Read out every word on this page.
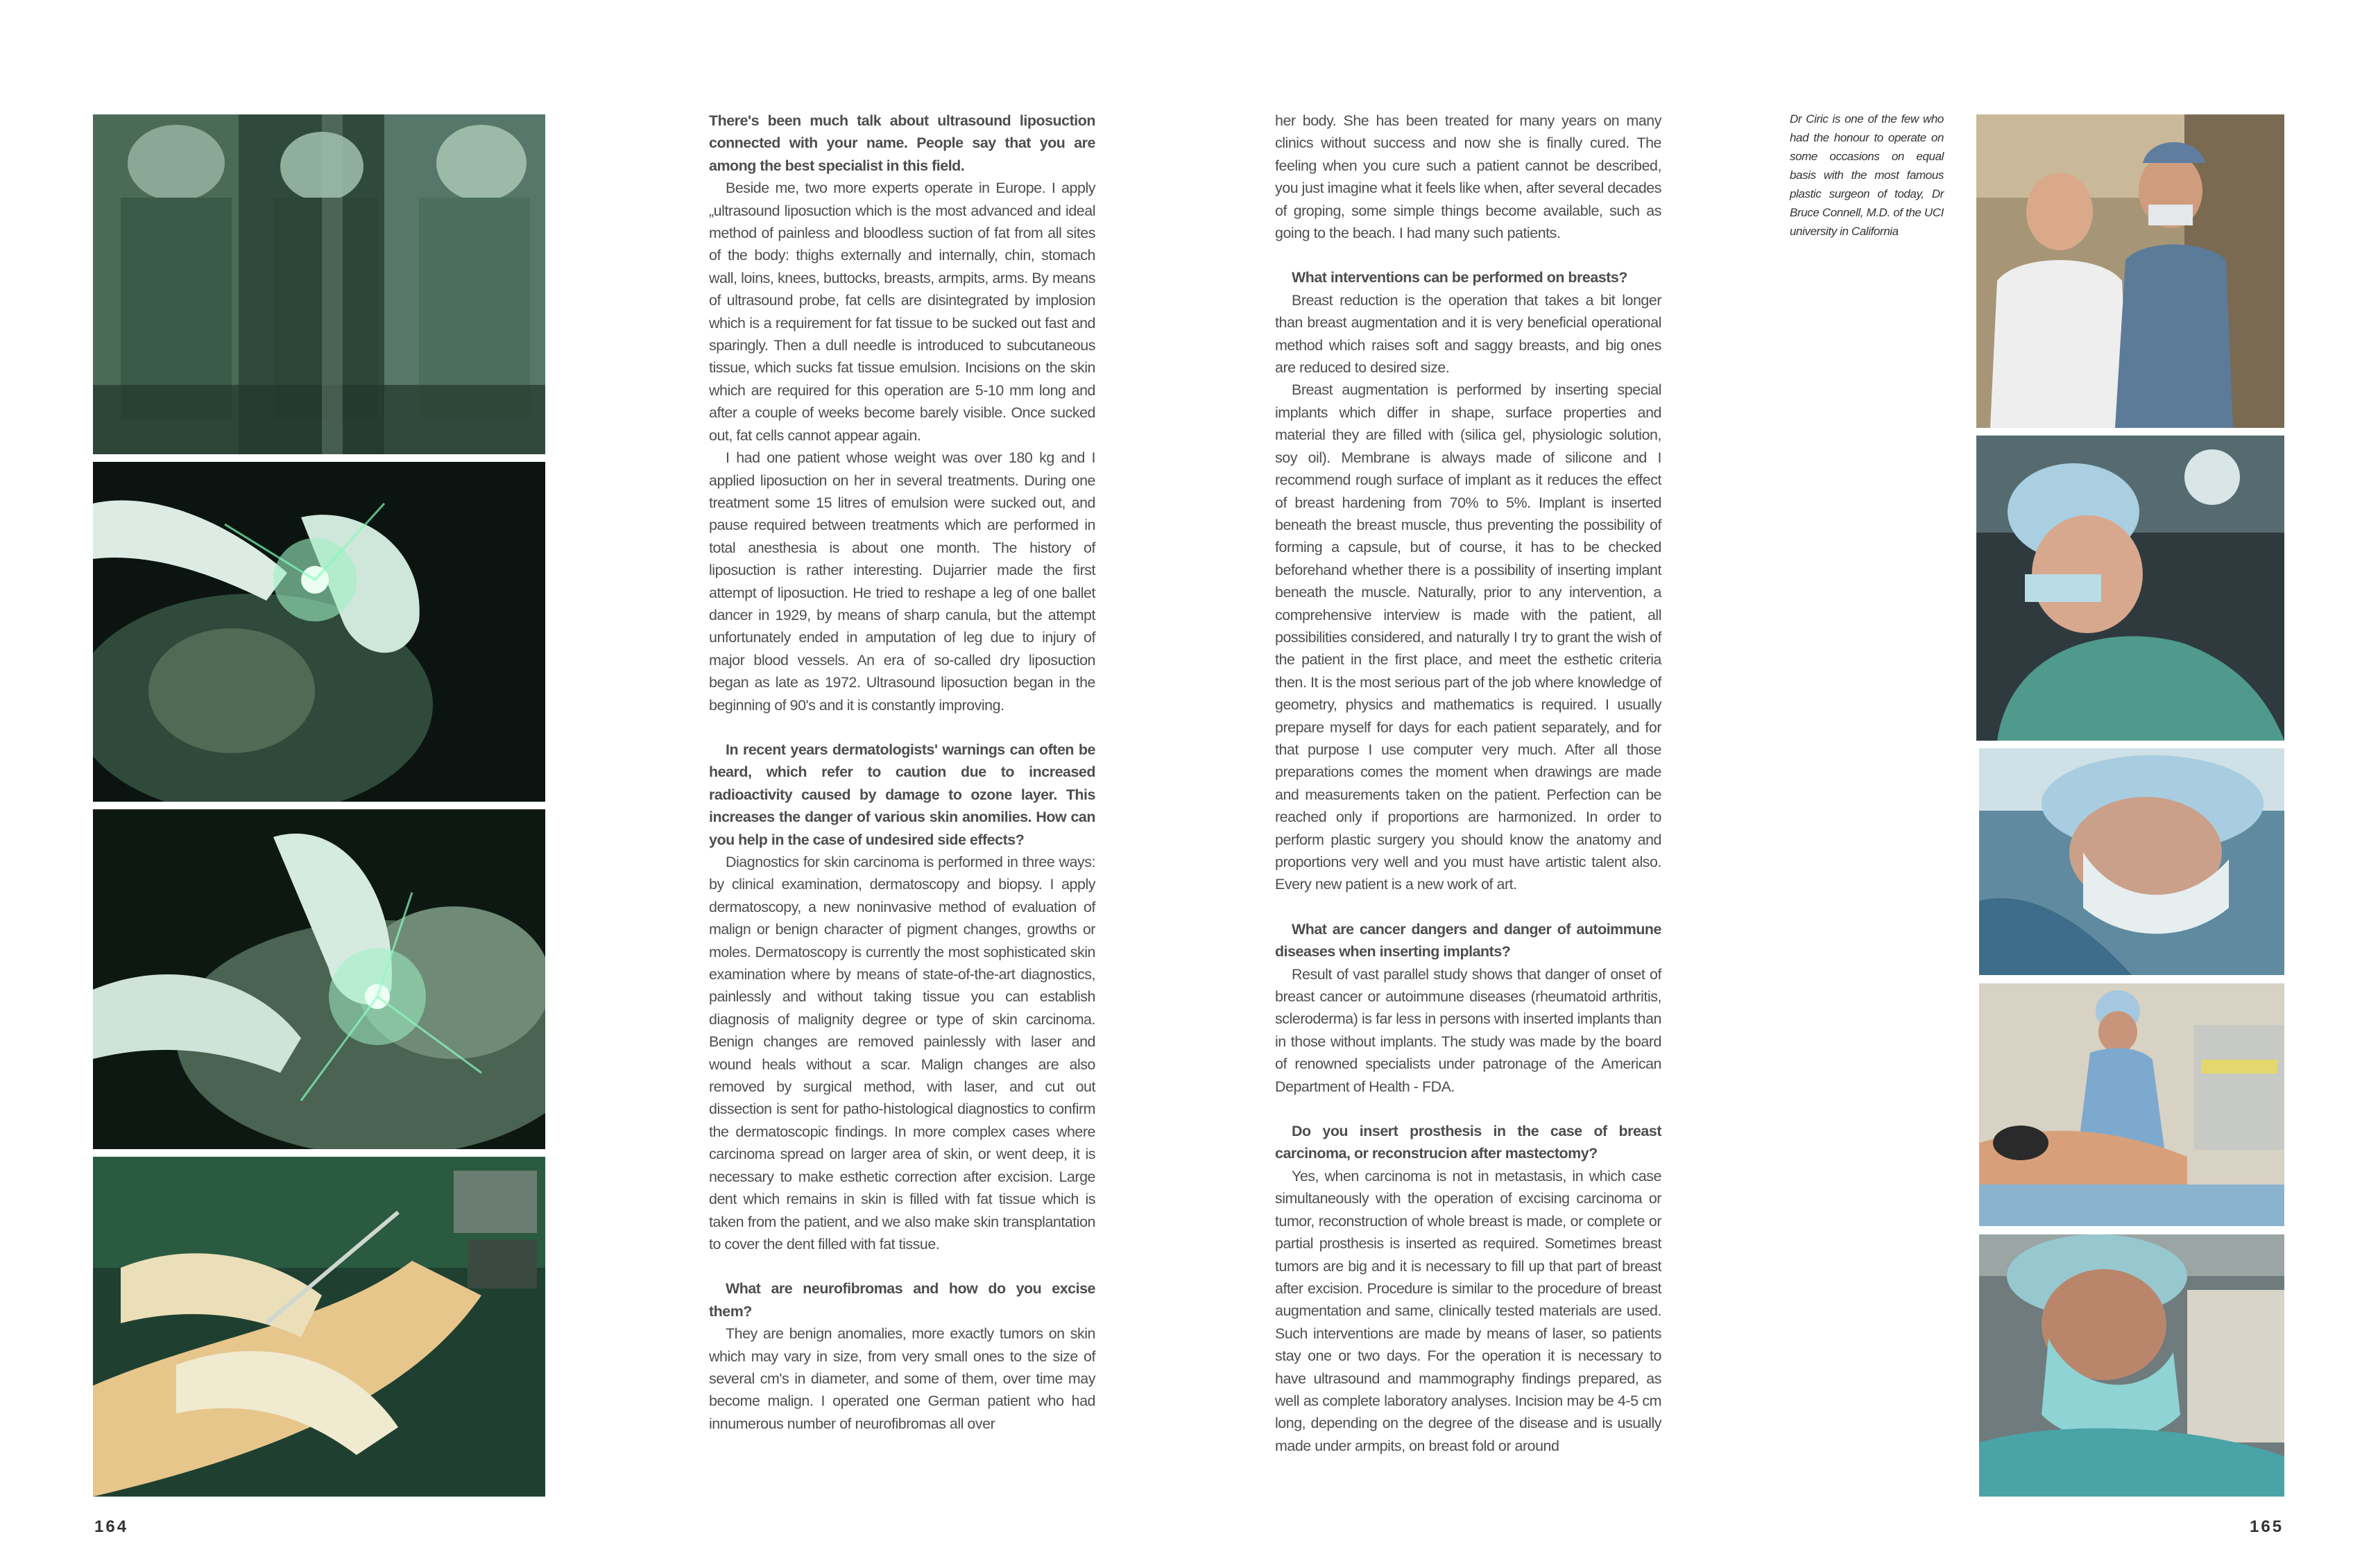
There's been much talk about ultrasound liposuction connected with your name. People say that you are among the best specialist in this field.

Beside me, two more experts operate in Europe. I apply „ultrasound liposuction which is the most advanced and ideal method of painless and bloodless suction of fat from all sites of the body: thighs externally and internally, chin, stomach wall, loins, knees, buttocks, breasts, armpits, arms. By means of ultrasound probe, fat cells are disintegrated by implosion which is a requirement for fat tissue to be sucked out fast and sparingly. Then a dull needle is introduced to subcutaneous tissue, which sucks fat tissue emulsion. Incisions on the skin which are required for this operation are 5-10 mm long and after a couple of weeks become barely visible. Once sucked out, fat cells cannot appear again.

I had one patient whose weight was over 180 kg and I applied liposuction on her in several treatments. During one treatment some 15 litres of emulsion were sucked out, and pause required between treatments which are performed in total anesthesia is about one month. The history of liposuction is rather interesting. Dujarrier made the first attempt of liposuction. He tried to reshape a leg of one ballet dancer in 1929, by means of sharp canula, but the attempt unfortunately ended in amputation of leg due to injury of major blood vessels. An era of so-called dry liposuction began as late as 1972. Ultrasound liposuction began in the beginning of 90's and it is constantly improving.

In recent years dermatologists' warnings can often be heard, which refer to caution due to increased radioactivity caused by damage to ozone layer. This increases the danger of various skin anomilies. How can you help in the case of undesired side effects?

Diagnostics for skin carcinoma is performed in three ways: by clinical examination, dermatoscopy and biopsy. I apply dermatoscopy, a new noninvasive method of evaluation of malign or benign character of pigment changes, growths or moles. Dermatoscopy is currently the most sophisticated skin examination where by means of state-of-the-art diagnostics, painlessly and without taking tissue you can establish diagnosis of malignity degree or type of skin carcinoma. Benign changes are removed painlessly with laser and wound heals without a scar. Malign changes are also removed by surgical method, with laser, and cut out dissection is sent for patho-histological diagnostics to confirm the dermatoscopic findings. In more complex cases where carcinoma spread on larger area of skin, or went deep, it is necessary to make esthetic correction after excision. Large dent which remains in skin is filled with fat tissue which is taken from the patient, and we also make skin transplantation to cover the dent filled with fat tissue.

What are neurofibromas and how do you excise them?

They are benign anomalies, more exactly tumors on skin which may vary in size, from very small ones to the size of several cm's in diameter, and some of them, over time may become malign. I operated one German patient who had innumerous number of neurofibromas all over

her body. She has been treated for many years on many clinics without success and now she is finally cured. The feeling when you cure such a patient cannot be described, you just imagine what it feels like when, after several decades of groping, some simple things become available, such as going to the beach. I had many such patients.

What interventions can be performed on breasts?

Breast reduction is the operation that takes a bit longer than breast augmentation and it is very beneficial operational method which raises soft and saggy breasts, and big ones are reduced to desired size.

Breast augmentation is performed by inserting special implants which differ in shape, surface properties and material they are filled with (silica gel, physiologic solution, soy oil). Membrane is always made of silicone and I recommend rough surface of implant as it reduces the effect of breast hardening from 70% to 5%. Implant is inserted beneath the breast muscle, thus preventing the possibility of forming a capsule, but of course, it has to be checked beforehand whether there is a possibility of inserting implant beneath the muscle. Naturally, prior to any intervention, a comprehensive interview is made with the patient, all possibilities considered, and naturally I try to grant the wish of the patient in the first place, and meet the esthetic criteria then. It is the most serious part of the job where knowledge of geometry, physics and mathematics is required. I usually prepare myself for days for each patient separately, and for that purpose I use computer very much. After all those preparations comes the moment when drawings are made and measurements taken on the patient. Perfection can be reached only if proportions are harmonized. In order to perform plastic surgery you should know the anatomy and proportions very well and you must have artistic talent also. Every new patient is a new work of art.

What are cancer dangers and danger of autoimmune diseases when inserting implants?

Result of vast parallel study shows that danger of onset of breast cancer or autoimmune diseases (rheumatoid arthritis, scleroderma) is far less in persons with inserted implants than in those without implants. The study was made by the board of renowned specialists under patronage of the American Department of Health - FDA.

Do you insert prosthesis in the case of breast carcinoma, or reconstrucion after mastectomy?

Yes, when carcinoma is not in metastasis, in which case simultaneously with the operation of excising carcinoma or tumor, reconstruction of whole breast is made, or complete or partial prosthesis is inserted as required. Sometimes breast tumors are big and it is necessary to fill up that part of breast after excision. Procedure is similar to the procedure of breast augmentation and same, clinically tested materials are used. Such interventions are made by means of laser, so patients stay one or two days. For the operation it is necessary to have ultrasound and mammography findings prepared, as well as complete laboratory analyses. Incision may be 4-5 cm long, depending on the degree of the disease and is usually made under armpits, on breast fold or around

Dr Ciric is one of the few who had the honour to operate on some occasions on equal basis with the most famous plastic surgeon of today, Dr Bruce Connell, M.D. of the UCI university in California
164	165
